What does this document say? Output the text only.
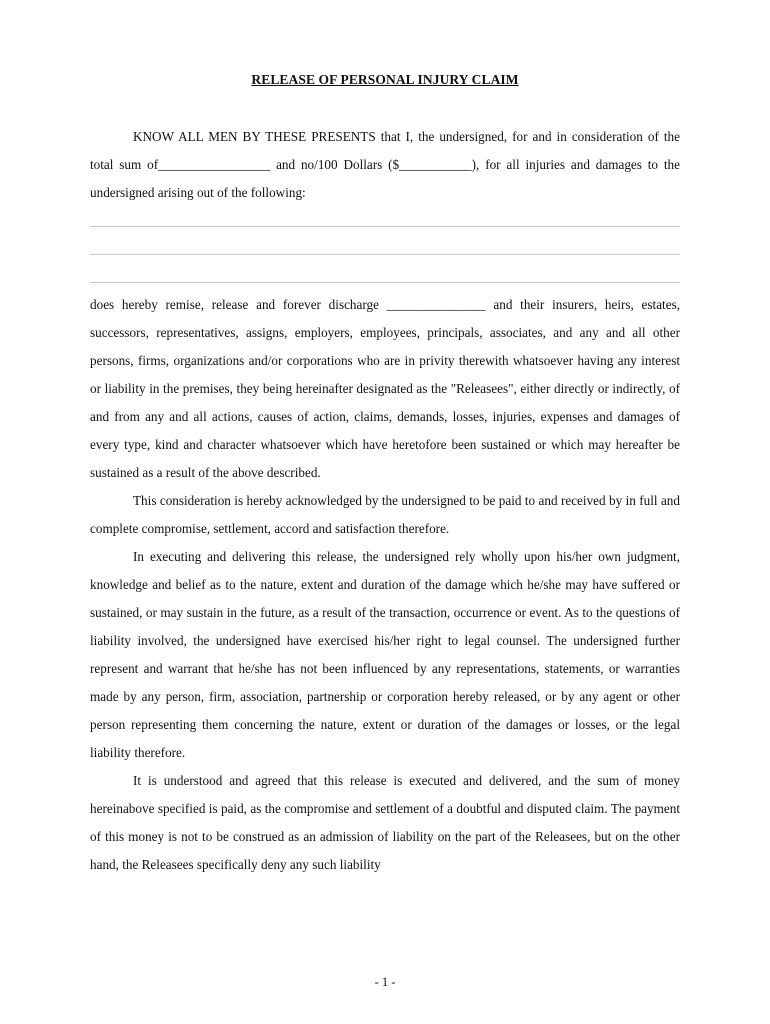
RELEASE OF PERSONAL INJURY CLAIM

KNOW ALL MEN BY THESE PRESENTS that I, the undersigned, for and in consideration of the total sum of_________________ and no/100 Dollars ($___________), for all injuries and damages to the undersigned arising out of the following:

does hereby remise, release and forever discharge _______________ and their insurers, heirs, estates, successors, representatives, assigns, employers, employees, principals, associates, and any and all other persons, firms, organizations and/or corporations who are in privity therewith whatsoever having any interest or liability in the premises, they being hereinafter designated as the "Releasees", either directly or indirectly, of and from any and all actions, causes of action, claims, demands, losses, injuries, expenses and damages of every type, kind and character whatsoever which have heretofore been sustained or which may hereafter be sustained as a result of the above described.

This consideration is hereby acknowledged by the undersigned to be paid to and received by in full and complete compromise, settlement, accord and satisfaction therefore.

In executing and delivering this release, the undersigned rely wholly upon his/her own judgment, knowledge and belief as to the nature, extent and duration of the damage which he/she may have suffered or sustained, or may sustain in the future, as a result of the transaction, occurrence or event. As to the questions of liability involved, the undersigned have exercised his/her right to legal counsel. The undersigned further represent and warrant that he/she has not been influenced by any representations, statements, or warranties made by any person, firm, association, partnership or corporation hereby released, or by any agent or other person representing them concerning the nature, extent or duration of the damages or losses, or the legal liability therefore.

It is understood and agreed that this release is executed and delivered, and the sum of money hereinabove specified is paid, as the compromise and settlement of a doubtful and disputed claim. The payment of this money is not to be construed as an admission of liability on the part of the Releasees, but on the other hand, the Releasees specifically deny any such liability

- 1 -
